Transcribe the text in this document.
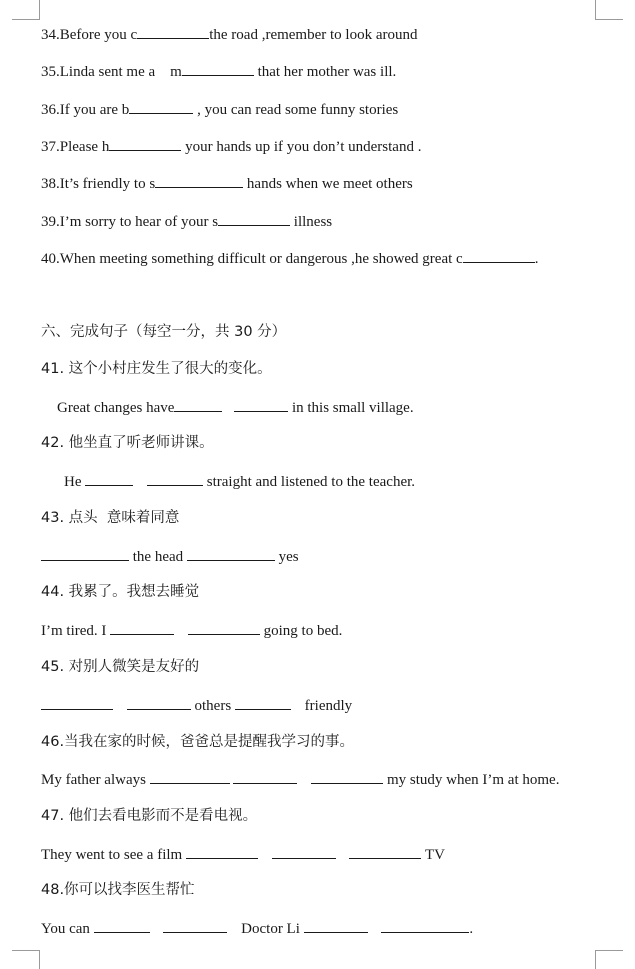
34.Before you c	the road ,remember to look around
35.Linda sent me a    m	that her mother was ill.
36.If you are b	, you can read some funny stories
37.Please h	your hands up if you don’t understand .
38.It’s friendly to s	hands when we meet others
39.I’m sorry to hear of your s	illness
40.When meeting something difficult or dangerous ,he showed great c	.
六、完成句子（每空一分，共 30 分）
41. 这个小村庄发生了很大的变化。
Great changes have	in this small village.
42. 他坐直了听老师讲课。
He	straight and listened to the teacher.
43. 点头  意味着同意
the head	yes
44. 我累了。我想去睡觉
I’m tired. I	going to bed.
45. 对别人微笑是友好的
others	friendly
46.当我在家的时候，爸爸总是提醒我学习的事。
My father always	my study when I’m at home.
47. 他们去看电影而不是看电视。
They went to see a film	TV
48.你可以找李医生帮忙
You can	Doctor Li	.
